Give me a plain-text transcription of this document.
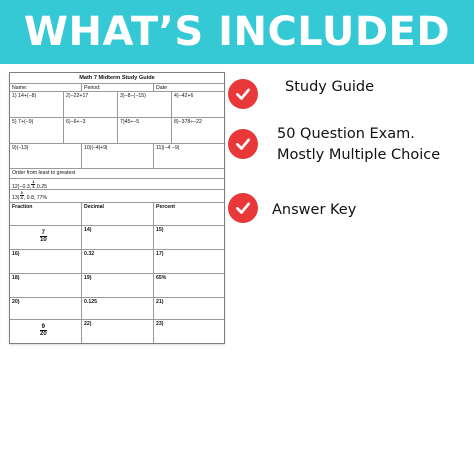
WHAT’S INCLUDED
Math 7 Midterm Study Guide
Name:	Period:	Date
1) 14+(−8)	2)−22+17	3)−8−(−15)	4)−42+6
5) 7+(−9)	6)−6+−3	7)45÷−5	8)−378÷−22
9)|−13|	10)|−4|+9|	11)|−4 −9|
Order from least to greatest
12)−0.3, $\frac{1}{3} ,0.25$
$13) \frac{3}{4}$ , 0.8, 77%
Fraction	Decimal	Percent
$\frac{7}{10}$	14)	15)
16)	0.32	17)
18)	19)	65%
20)	0.125	21)
$\frac{9}{20}$	22)	23)
Study Guide
50 Question Exam.
Mostly Multiple Choice
Answer Key
